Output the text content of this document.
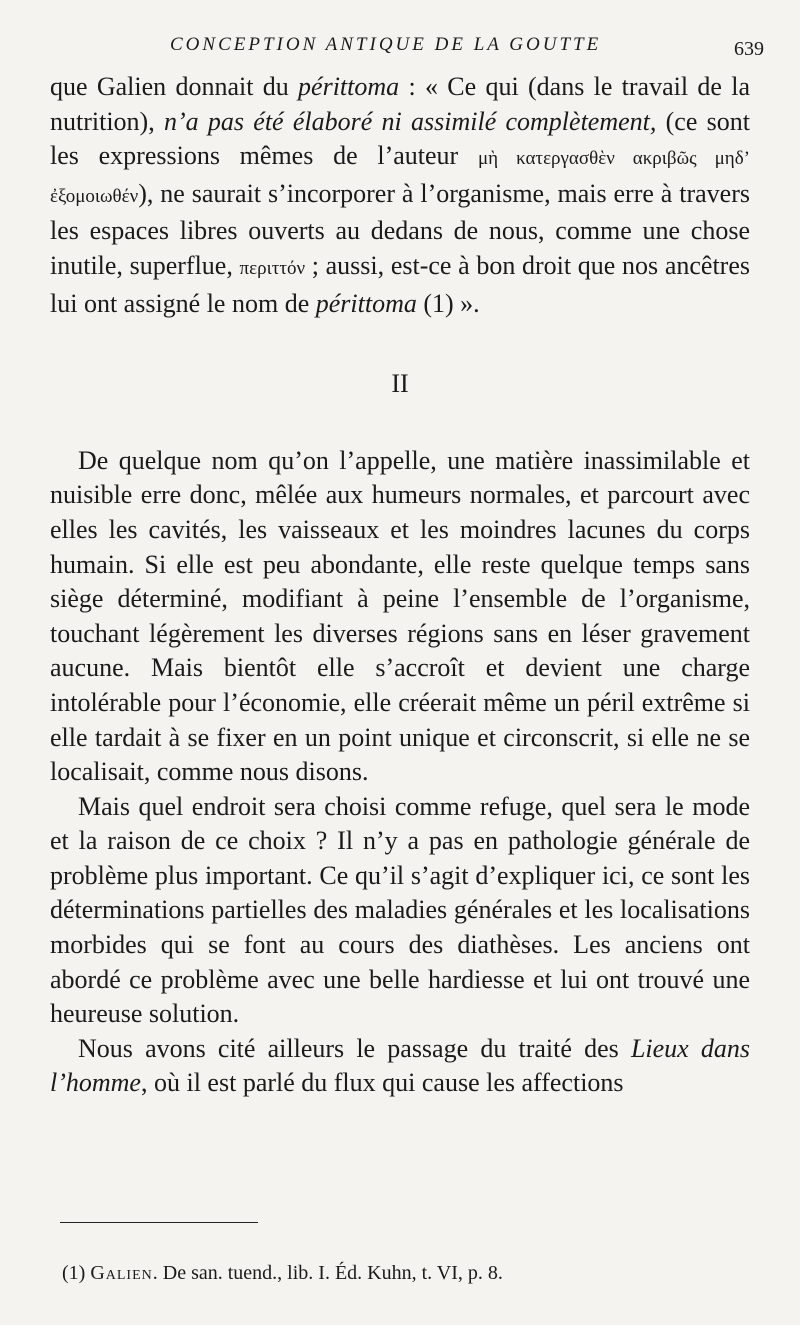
CONCEPTION ANTIQUE DE LA GOUTTE	639

que Galien donnait du périttoma : « Ce qui (dans le travail de la nutrition), n’a pas été élaboré ni assimilé complètement, (ce sont les expressions mêmes de l’auteur μὴ κατεργασθὲν ακριβῶς μηδ’ ἐξομοιωθέν), ne saurait s’incorporer à l’organisme, mais erre à travers les espaces libres ouverts au dedans de nous, comme une chose inutile, superflue, περιττόν ; aussi, est-ce à bon droit que nos ancêtres lui ont assigné le nom de périttoma (1) ».

II

De quelque nom qu’on l’appelle, une matière inassimilable et nuisible erre donc, mêlée aux humeurs normales, et parcourt avec elles les cavités, les vaisseaux et les moindres lacunes du corps humain. Si elle est peu abondante, elle reste quelque temps sans siège déterminé, modifiant à peine l’ensemble de l’organisme, touchant légèrement les diverses régions sans en léser gravement aucune. Mais bientôt elle s’accroît et devient une charge intolérable pour l’économie, elle créerait même un péril extrême si elle tardait à se fixer en un point unique et circonscrit, si elle ne se localisait, comme nous disons.

Mais quel endroit sera choisi comme refuge, quel sera le mode et la raison de ce choix ? Il n’y a pas en pathologie générale de problème plus important. Ce qu’il s’agit d’expliquer ici, ce sont les déterminations partielles des maladies générales et les localisations morbides qui se font au cours des diathèses. Les anciens ont abordé ce problème avec une belle hardiesse et lui ont trouvé une heureuse solution.

Nous avons cité ailleurs le passage du traité des Lieux dans l’homme, où il est parlé du flux qui cause les affections

(1) Galien. De san. tuend., lib. I. Éd. Kuhn, t. VI, p. 8.
